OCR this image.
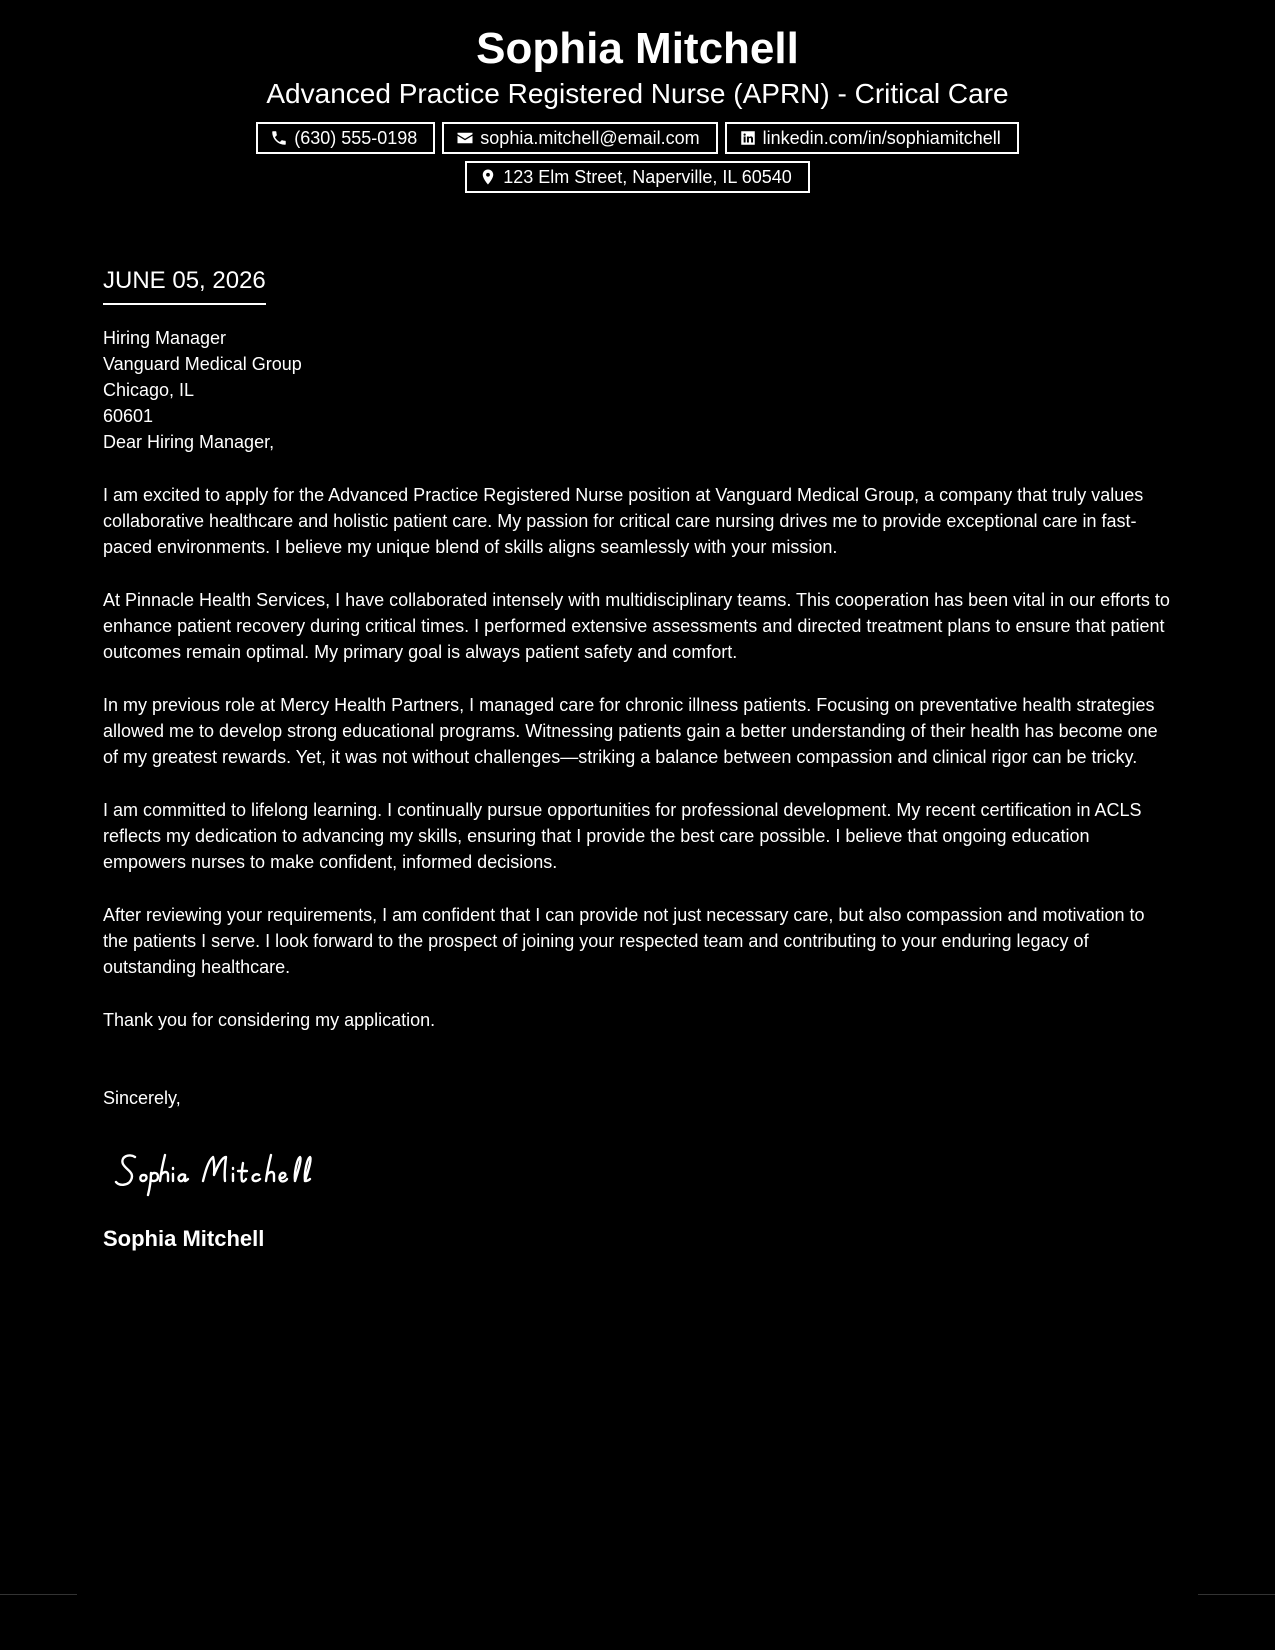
Sophia Mitchell
Advanced Practice Registered Nurse (APRN) - Critical Care
(630) 555-0198	sophia.mitchell@email.com	linkedin.com/in/sophiamitchell
123 Elm Street, Naperville, IL 60540
JUNE 05, 2026
Hiring Manager
Vanguard Medical Group
Chicago, IL
60601

Dear Hiring Manager,

I am excited to apply for the Advanced Practice Registered Nurse position at Vanguard Medical Group, a company that truly values collaborative healthcare and holistic patient care. My passion for critical care nursing drives me to provide exceptional care in fast-paced environments. I believe my unique blend of skills aligns seamlessly with your mission.

At Pinnacle Health Services, I have collaborated intensely with multidisciplinary teams. This cooperation has been vital in our efforts to enhance patient recovery during critical times. I performed extensive assessments and directed treatment plans to ensure that patient outcomes remain optimal. My primary goal is always patient safety and comfort.

In my previous role at Mercy Health Partners, I managed care for chronic illness patients. Focusing on preventative health strategies allowed me to develop strong educational programs. Witnessing patients gain a better understanding of their health has become one of my greatest rewards. Yet, it was not without challenges—striking a balance between compassion and clinical rigor can be tricky.

I am committed to lifelong learning. I continually pursue opportunities for professional development. My recent certification in ACLS reflects my dedication to advancing my skills, ensuring that I provide the best care possible. I believe that ongoing education empowers nurses to make confident, informed decisions.

After reviewing your requirements, I am confident that I can provide not just necessary care, but also compassion and motivation to the patients I serve. I look forward to the prospect of joining your respected team and contributing to your enduring legacy of outstanding healthcare.

Thank you for considering my application.

Sincerely,
Sophia Mitchell
